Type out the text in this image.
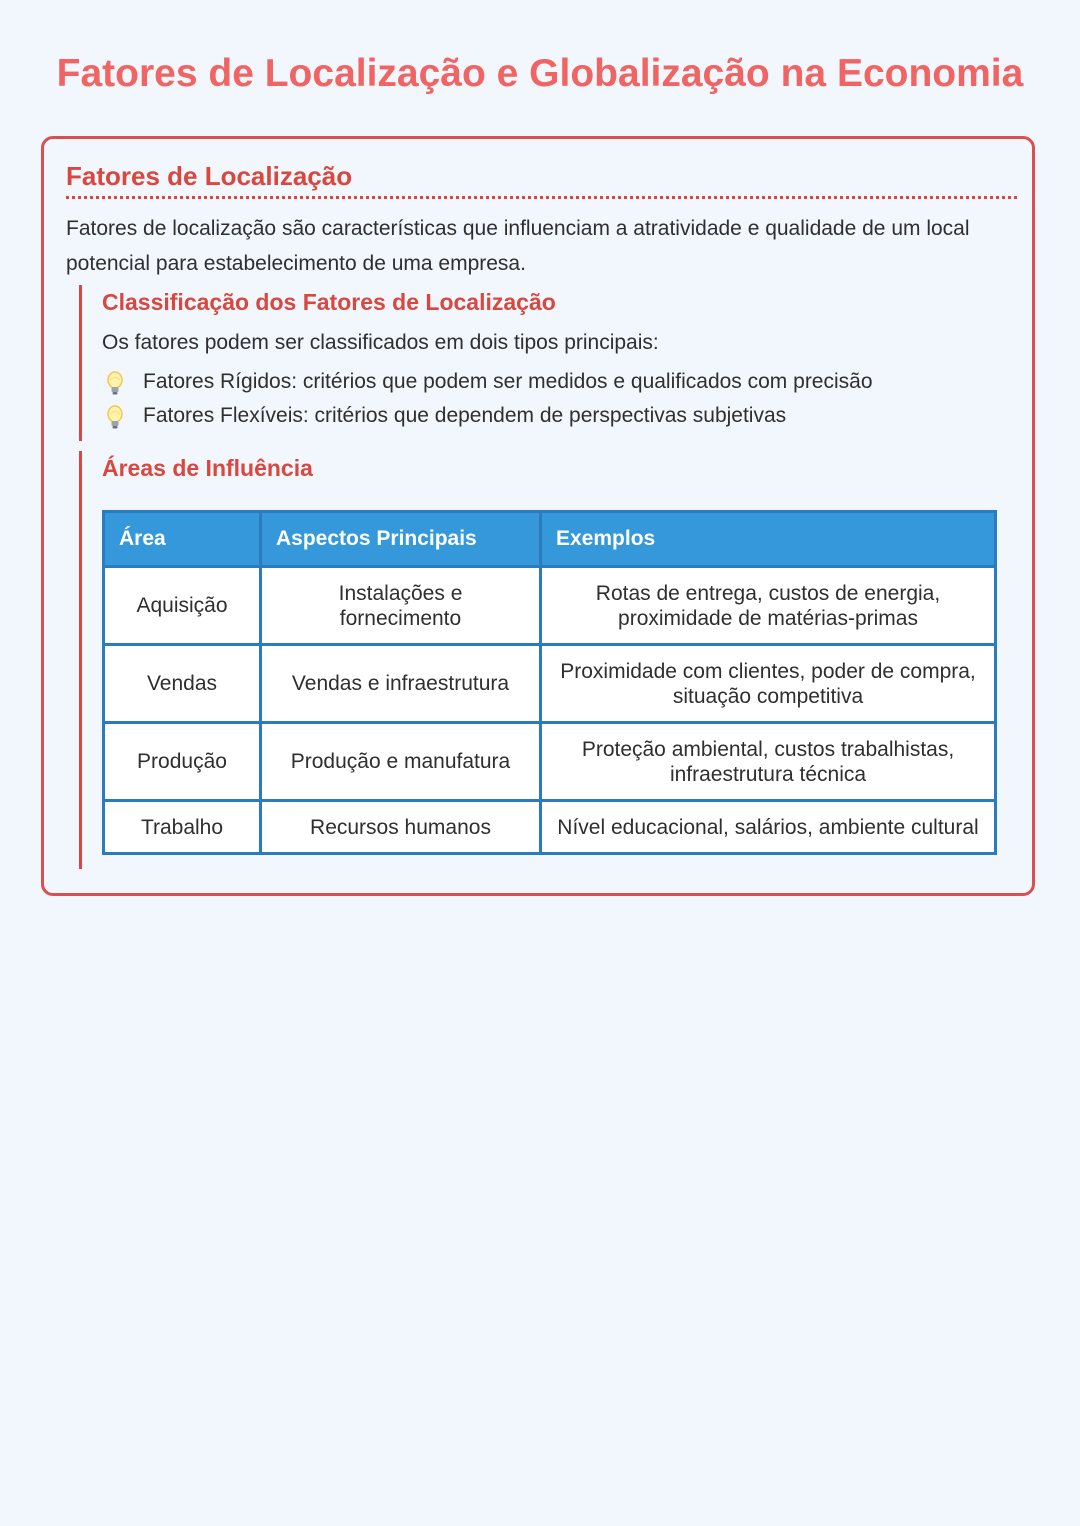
Fatores de Localização e Globalização na Economia
Fatores de Localização

Fatores de localização são características que influenciam a atratividade e qualidade de um local potencial para estabelecimento de uma empresa.

Classificação dos Fatores de Localização

Os fatores podem ser classificados em dois tipos principais:

Fatores Rígidos: critérios que podem ser medidos e qualificados com precisão
Fatores Flexíveis: critérios que dependem de perspectivas subjetivas
Áreas de Influência
Área	Aspectos Principais	Exemplos
Aquisição	Instalações e fornecimento	Rotas de entrega, custos de energia, proximidade de matérias-primas
Vendas	Vendas e infraestrutura	Proximidade com clientes, poder de compra, situação competitiva
Produção	Produção e manufatura	Proteção ambiental, custos trabalhistas, infraestrutura técnica
Trabalho	Recursos humanos	Nível educacional, salários, ambiente cultural
